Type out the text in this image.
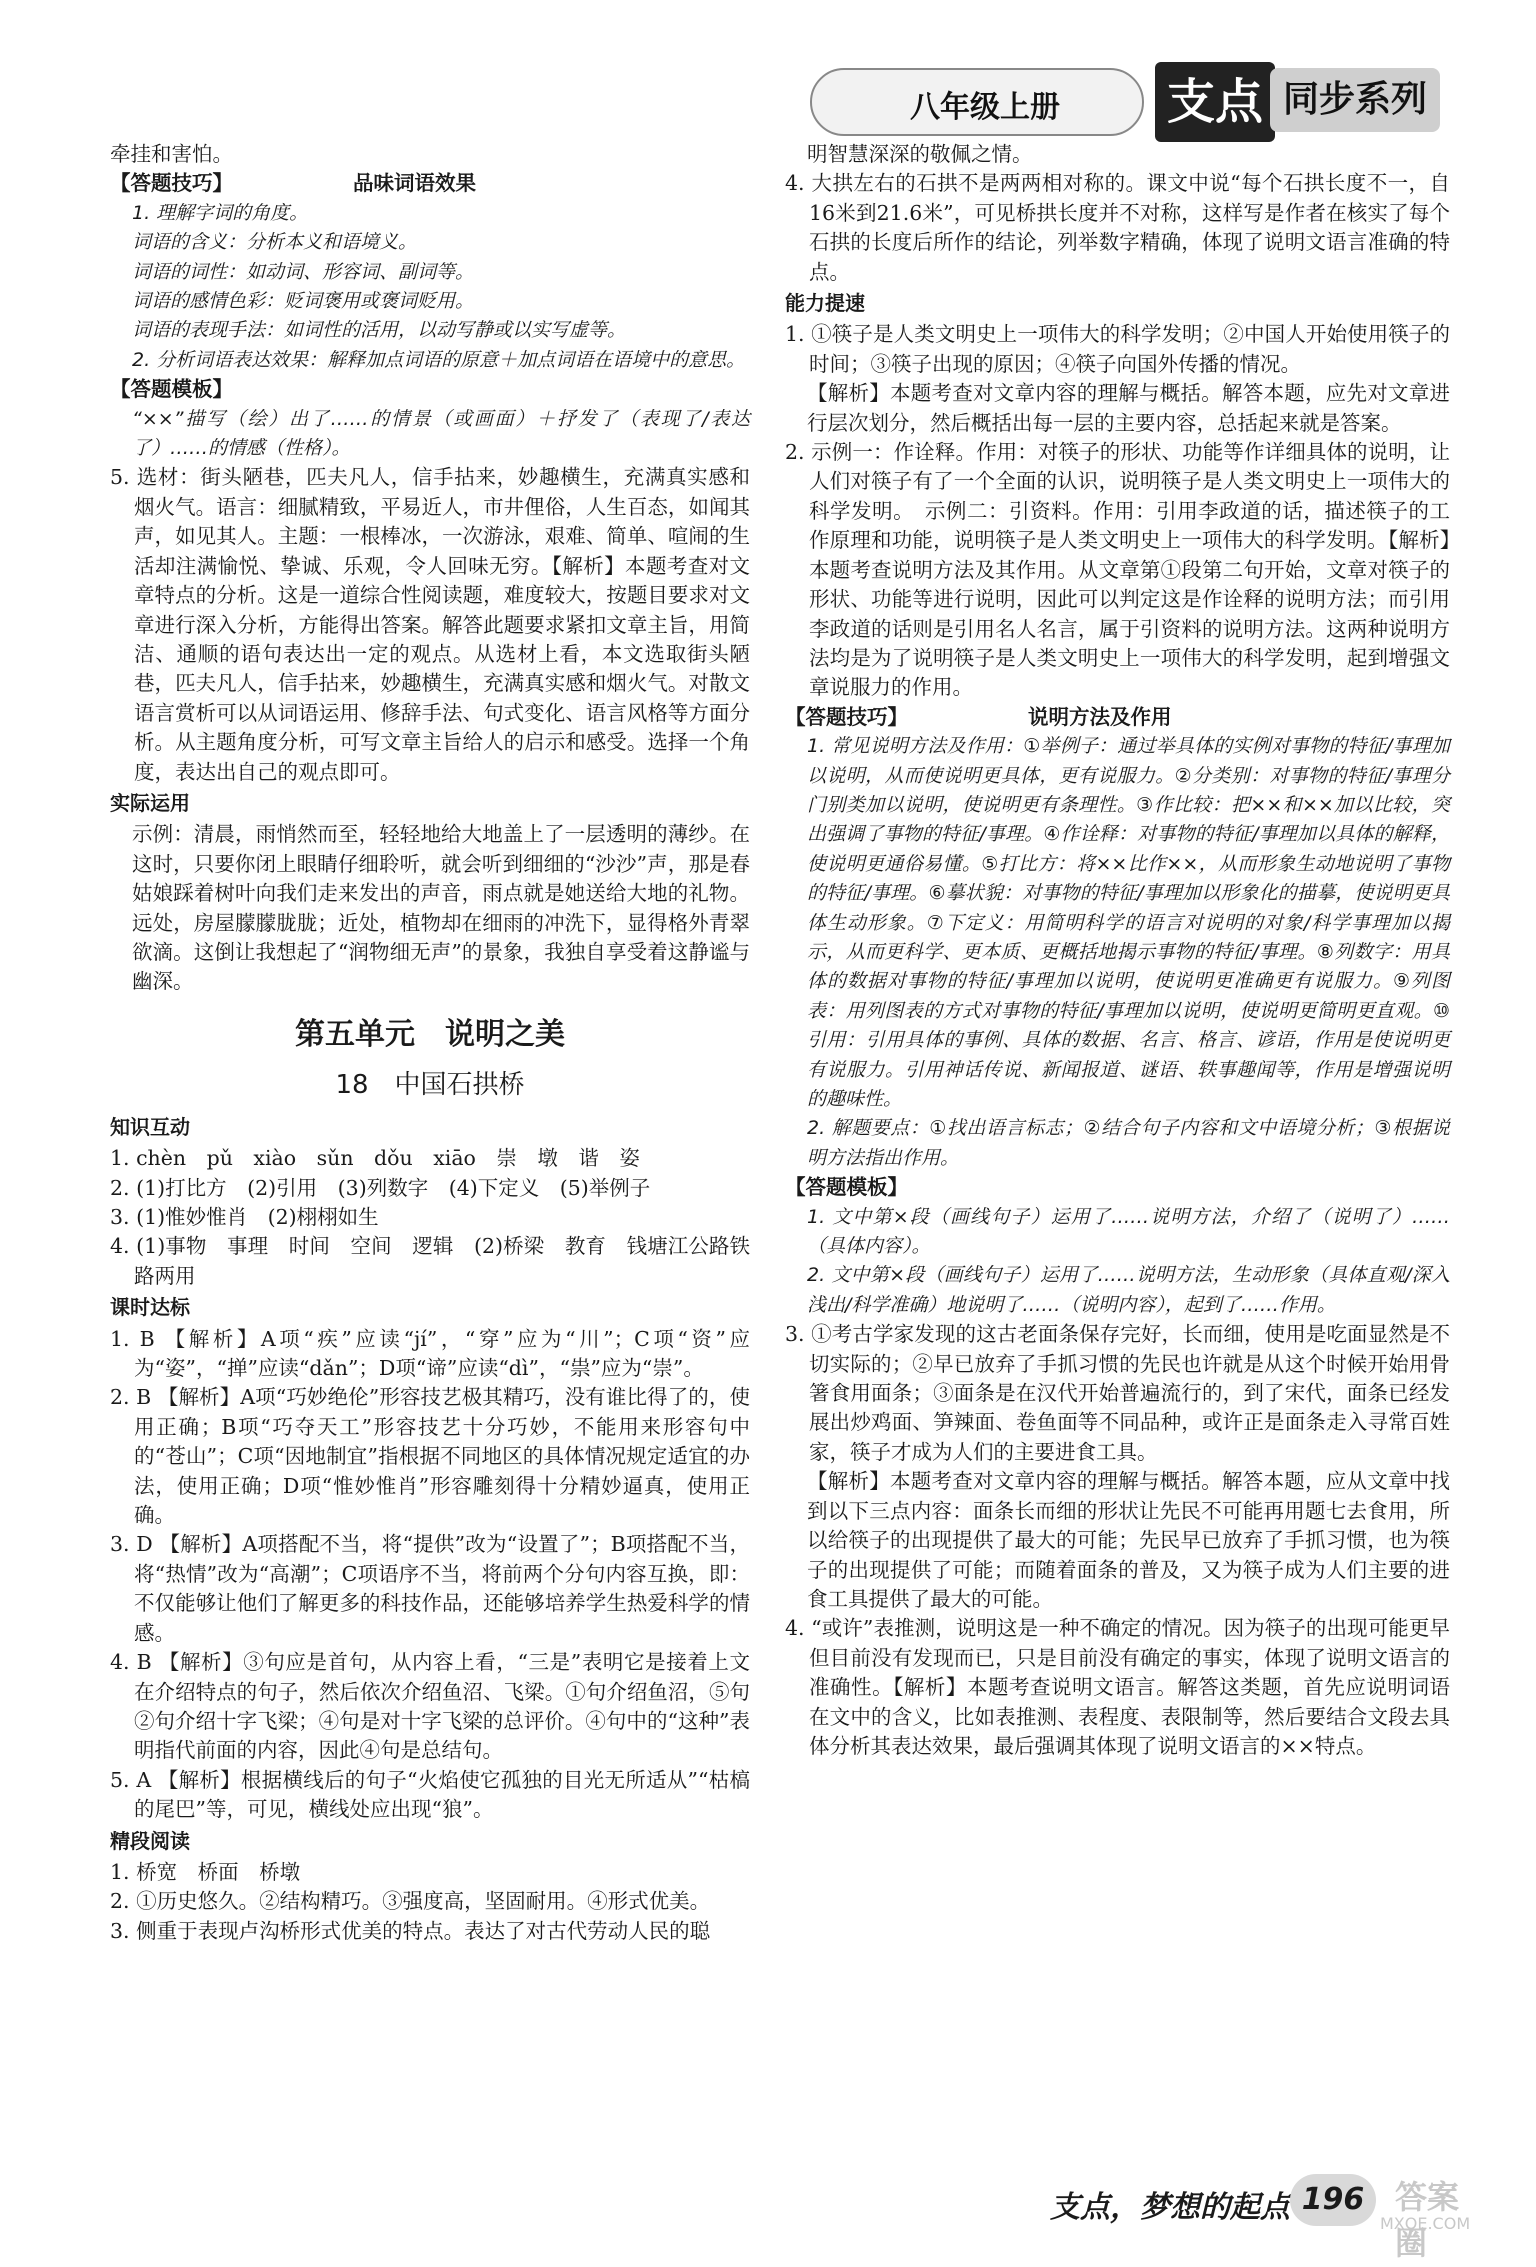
八年级上册 支点 同步系列

牵挂和害怕。

【答题技巧】	品味词语效果

1. 理解字词的角度。

词语的含义：分析本义和语境义。

词语的词性：如动词、形容词、副词等。

词语的感情色彩：贬词褒用或褒词贬用。

词语的表现手法：如词性的活用，以动写静或以实写虚等。

2. 分析词语表达效果：解释加点词语的原意＋加点词语在语境中的意思。

【答题模板】

“××”描写（绘）出了……的情景（或画面）＋抒发了（表现了/表达了）……的情感（性格）。

5. 选材：街头陋巷，匹夫凡人，信手拈来，妙趣横生，充满真实感和烟火气。语言：细腻精致，平易近人，市井俚俗，人生百态，如闻其声，如见其人。主题：一根棒冰，一次游泳，艰难、简单、喧闹的生活却注满愉悦、挚诚、乐观，令人回味无穷。【解析】本题考查对文章特点的分析。这是一道综合性阅读题，难度较大，按题目要求对文章进行深入分析，方能得出答案。解答此题要求紧扣文章主旨，用简洁、通顺的语句表达出一定的观点。从选材上看，本文选取街头陋巷，匹夫凡人，信手拈来，妙趣横生，充满真实感和烟火气。对散文语言赏析可以从词语运用、修辞手法、句式变化、语言风格等方面分析。从主题角度分析，可写文章主旨给人的启示和感受。选择一个角度，表达出自己的观点即可。

实际运用

示例：清晨，雨悄然而至，轻轻地给大地盖上了一层透明的薄纱。在这时，只要你闭上眼睛仔细聆听，就会听到细细的“沙沙”声，那是春姑娘踩着树叶向我们走来发出的声音，雨点就是她送给大地的礼物。远处，房屋朦朦胧胧；近处，植物却在细雨的冲洗下，显得格外青翠欲滴。这倒让我想起了“润物细无声”的景象，我独自享受着这静谧与幽深。

第五单元　说明之美

18　中国石拱桥

知识互动

1. chèn　pǔ　xiào　sǔn　dǒu　xiāo　崇　墩　谐　姿

2. (1)打比方　(2)引用　(3)列数字　(4)下定义　(5)举例子

3. (1)惟妙惟肖　(2)栩栩如生

4. (1)事物　事理　时间　空间　逻辑　(2)桥梁　教育　钱塘江公路铁路两用

课时达标

1. B 【解析】A项“疾”应读“jí”，“穿”应为“川”；C项“资”应为“姿”，“掸”应读“dǎn”；D项“谛”应读“dì”，“祟”应为“崇”。

2. B 【解析】A项“巧妙绝伦”形容技艺极其精巧，没有谁比得了的，使用正确；B项“巧夺天工”形容技艺十分巧妙，不能用来形容句中的“苍山”；C项“因地制宜”指根据不同地区的具体情况规定适宜的办法，使用正确；D项“惟妙惟肖”形容雕刻得十分精妙逼真，使用正确。

3. D 【解析】A项搭配不当，将“提供”改为“设置了”；B项搭配不当，将“热情”改为“高潮”；C项语序不当，将前两个分句内容互换，即：不仅能够让他们了解更多的科技作品，还能够培养学生热爱科学的情感。

4. B 【解析】③句应是首句，从内容上看，“三是”表明它是接着上文在介绍特点的句子，然后依次介绍鱼沼、飞梁。①句介绍鱼沼，⑤句②句介绍十字飞梁；④句是对十字飞梁的总评价。④句中的“这种”表明指代前面的内容，因此④句是总结句。

5. A 【解析】根据横线后的句子“火焰使它孤独的目光无所适从”“枯槁的尾巴”等，可见，横线处应出现“狼”。

精段阅读

1. 桥宽　桥面　桥墩

2. ①历史悠久。②结构精巧。③强度高，坚固耐用。④形式优美。

3. 侧重于表现卢沟桥形式优美的特点。表达了对古代劳动人民的聪

明智慧深深的敬佩之情。

4. 大拱左右的石拱不是两两相对称的。课文中说“每个石拱长度不一，自16米到21.6米”，可见桥拱长度并不对称，这样写是作者在核实了每个石拱的长度后所作的结论，列举数字精确，体现了说明文语言准确的特点。

能力提速

1. ①筷子是人类文明史上一项伟大的科学发明；②中国人开始使用筷子的时间；③筷子出现的原因；④筷子向国外传播的情况。

【解析】本题考查对文章内容的理解与概括。解答本题，应先对文章进行层次划分，然后概括出每一层的主要内容，总括起来就是答案。

2. 示例一：作诠释。作用：对筷子的形状、功能等作详细具体的说明，让人们对筷子有了一个全面的认识，说明筷子是人类文明史上一项伟大的科学发明。　示例二：引资料。作用：引用李政道的话，描述筷子的工作原理和功能，说明筷子是人类文明史上一项伟大的科学发明。【解析】本题考查说明方法及其作用。从文章第①段第二句开始，文章对筷子的形状、功能等进行说明，因此可以判定这是作诠释的说明方法；而引用李政道的话则是引用名人名言，属于引资料的说明方法。这两种说明方法均是为了说明筷子是人类文明史上一项伟大的科学发明，起到增强文章说服力的作用。

【答题技巧】	说明方法及作用

1. 常见说明方法及作用：①举例子：通过举具体的实例对事物的特征/事理加以说明，从而使说明更具体，更有说服力。②分类别：对事物的特征/事理分门别类加以说明，使说明更有条理性。③作比较：把××和××加以比较，突出强调了事物的特征/事理。④作诠释：对事物的特征/事理加以具体的解释，使说明更通俗易懂。⑤打比方：将××比作××，从而形象生动地说明了事物的特征/事理。⑥摹状貌：对事物的特征/事理加以形象化的描摹，使说明更具体生动形象。⑦下定义：用简明科学的语言对说明的对象/科学事理加以揭示，从而更科学、更本质、更概括地揭示事物的特征/事理。⑧列数字：用具体的数据对事物的特征/事理加以说明，使说明更准确更有说服力。⑨列图表：用列图表的方式对事物的特征/事理加以说明，使说明更简明更直观。⑩引用：引用具体的事例、具体的数据、名言、格言、谚语，作用是使说明更有说服力。引用神话传说、新闻报道、谜语、轶事趣闻等，作用是增强说明的趣味性。

2. 解题要点：①找出语言标志；②结合句子内容和文中语境分析；③根据说明方法指出作用。

【答题模板】

1. 文中第×段（画线句子）运用了……说明方法，介绍了（说明了）……（具体内容）。

2. 文中第×段（画线句子）运用了……说明方法，生动形象（具体直观/深入浅出/科学准确）地说明了……（说明内容），起到了……作用。

3. ①考古学家发现的这古老面条保存完好，长而细，使用是吃面显然是不切实际的；②早已放弃了手抓习惯的先民也许就是从这个时候开始用骨箸食用面条；③面条是在汉代开始普遍流行的，到了宋代，面条已经发展出炒鸡面、笋辣面、卷鱼面等不同品种，或许正是面条走入寻常百姓家，筷子才成为人们的主要进食工具。

【解析】本题考查对文章内容的理解与概括。解答本题，应从文章中找到以下三点内容：面条长而细的形状让先民不可能再用题七去食用，所以给筷子的出现提供了最大的可能；先民早已放弃了手抓习惯，也为筷子的出现提供了可能；而随着面条的普及，又为筷子成为人们主要的进食工具提供了最大的可能。

4. “或许”表推测，说明这是一种不确定的情况。因为筷子的出现可能更早但目前没有发现而已，只是目前没有确定的事实，体现了说明文语言的准确性。【解析】本题考查说明文语言。解答这类题，首先应说明词语在文中的含义，比如表推测、表程度、表限制等，然后要结合文段去具体分析其表达效果，最后强调其体现了说明文语言的××特点。

支点，梦想的起点 196 答案圈
MXQE.COM
